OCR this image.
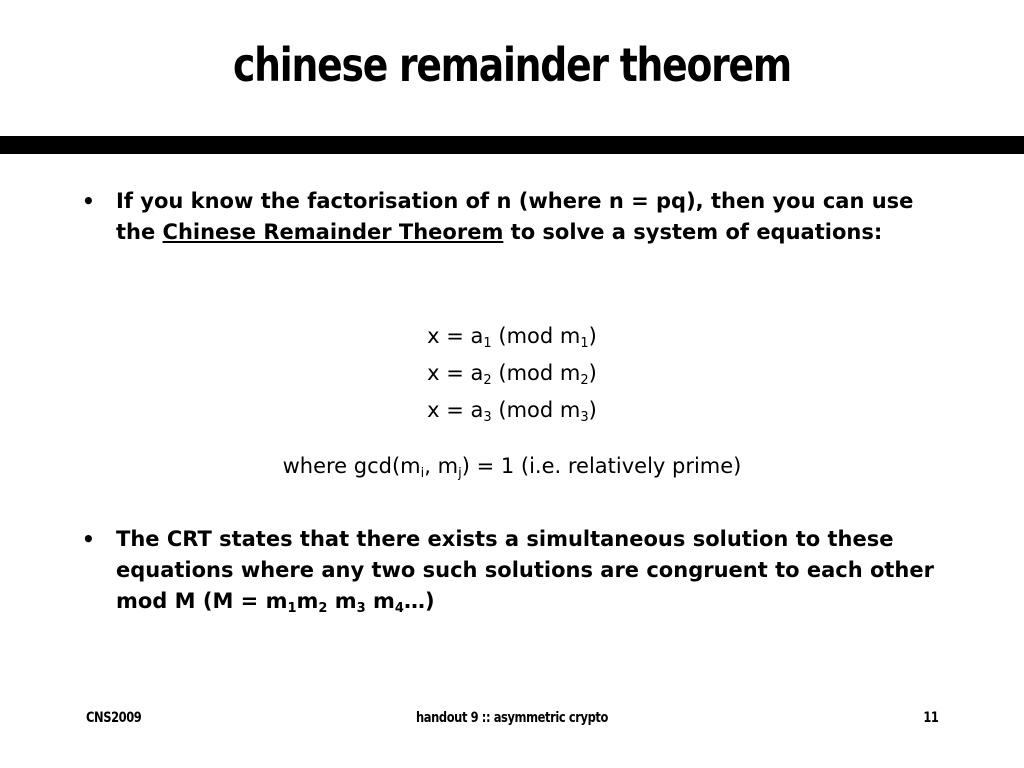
chinese remainder theorem
• If you know the factorisation of n (where n = pq), then you can use the Chinese Remainder Theorem to solve a system of equations:
$x = a_1$ (mod $m_1$)
$x = a_2$ (mod $m_2$)
$x = a_3$ (mod $m_3$)
where $\gcd(m_i$, $m_j) = 1$ (i.e. relatively prime)
• The CRT states that there exists a simultaneous solution to these equations where any two such solutions are congruent to each other mod M ($M = m_1m_2$ $m_3$ $m_4\dots$)
CNS2009	handout 9 :: asymmetric crypto	11
